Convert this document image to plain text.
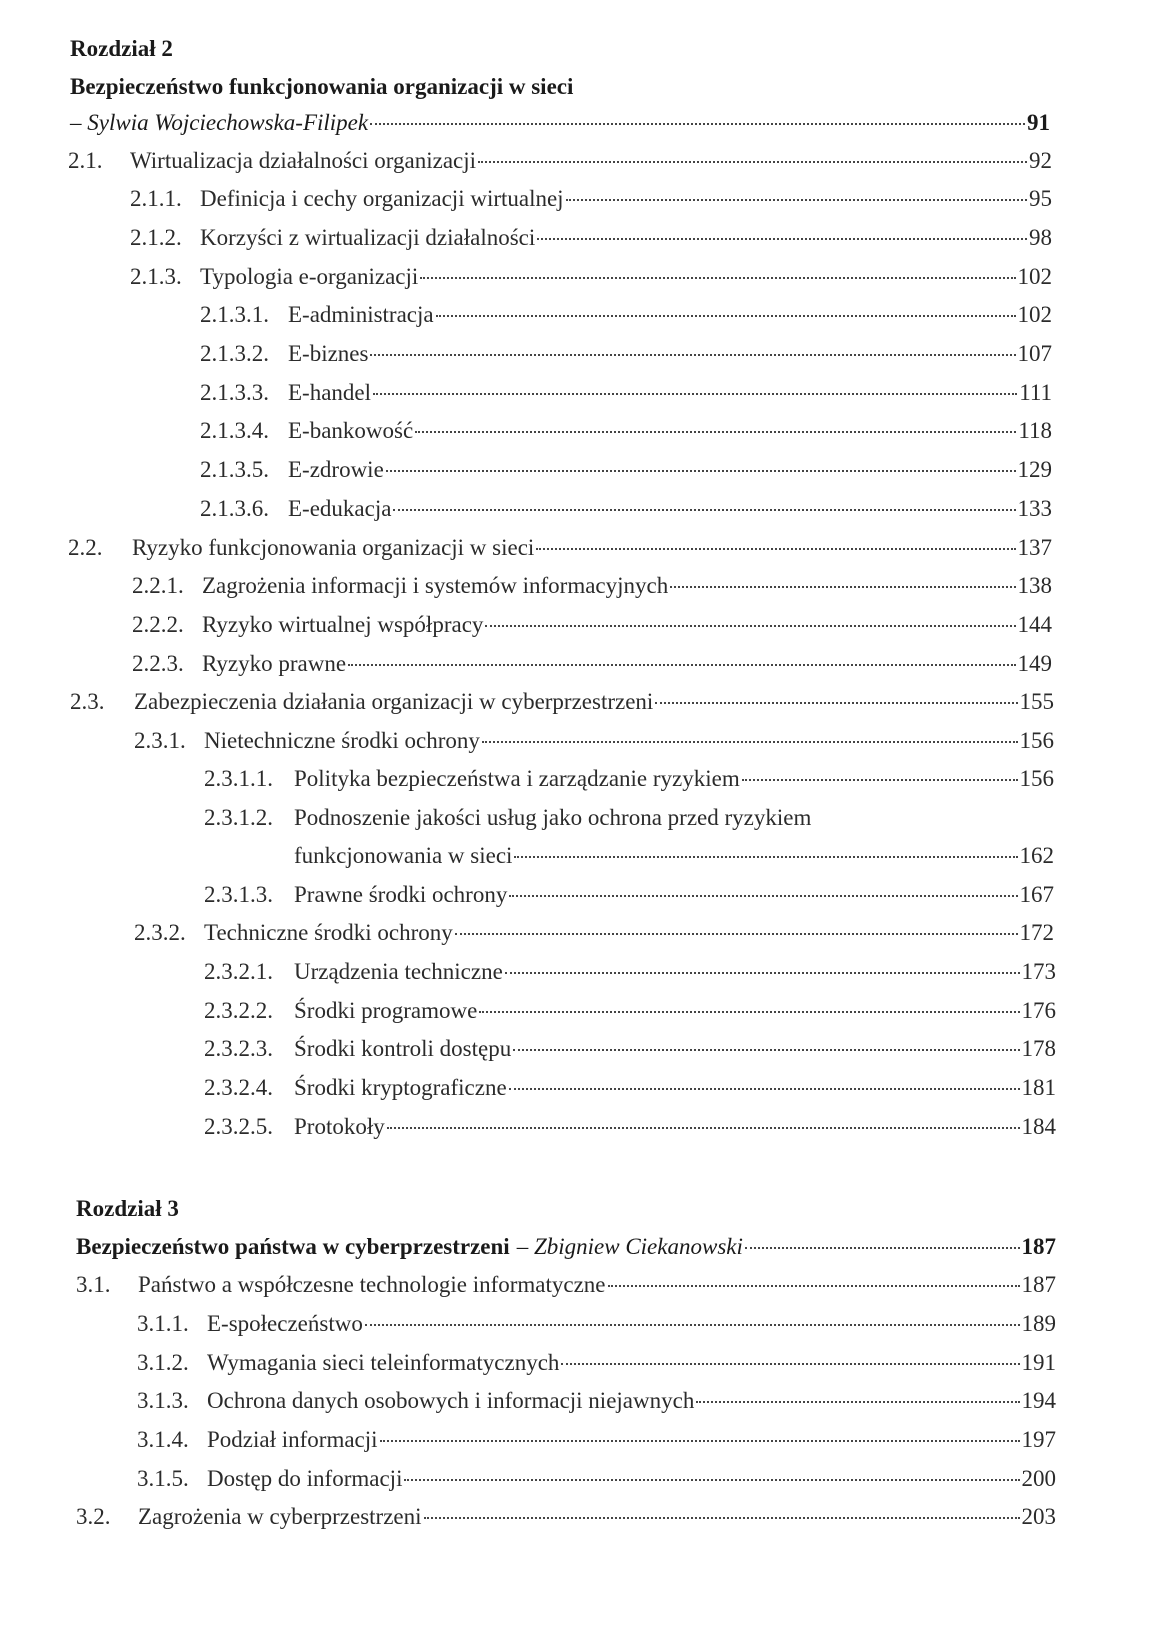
Rozdział 2
Bezpieczeństwo funkcjonowania organizacji w sieci
– Sylwia Wojciechowska-Filipek	91
2.1.	Wirtualizacja działalności organizacji	92
2.1.1. Definicja i cechy organizacji wirtualnej	95
2.1.2. Korzyści z wirtualizacji działalności	98
2.1.3. Typologia e-organizacji	102
2.1.3.1. E-administracja	102
2.1.3.2. E-biznes	107
2.1.3.3. E-handel	111
2.1.3.4. E-bankowość	118
2.1.3.5. E-zdrowie	129
2.1.3.6. E-edukacja	133
2.2.	Ryzyko funkcjonowania organizacji w sieci	137
2.2.1. Zagrożenia informacji i systemów informacyjnych	138
2.2.2. Ryzyko wirtualnej współpracy	144
2.2.3. Ryzyko prawne	149
2.3.	Zabezpieczenia działania organizacji w cyberprzestrzeni	155
2.3.1. Nietechniczne środki ochrony	156
2.3.1.1. Polityka bezpieczeństwa i zarządzanie ryzykiem	156
2.3.1.2. Podnoszenie jakości usług jako ochrona przed ryzykiem
funkcjonowania w sieci	162
2.3.1.3. Prawne środki ochrony	167
2.3.2. Techniczne środki ochrony	172
2.3.2.1. Urządzenia techniczne	173
2.3.2.2. Środki programowe	176
2.3.2.3. Środki kontroli dostępu	178
2.3.2.4. Środki kryptograficzne	181
2.3.2.5. Protokoły	184
Rozdział 3
Bezpieczeństwo państwa w cyberprzestrzeni – Zbigniew Ciekanowski	187
3.1.	Państwo a współczesne technologie informatyczne	187
3.1.1. E-społeczeństwo	189
3.1.2. Wymagania sieci teleinformatycznych	191
3.1.3. Ochrona danych osobowych i informacji niejawnych	194
3.1.4. Podział informacji	197
3.1.5. Dostęp do informacji	200
3.2.	Zagrożenia w cyberprzestrzeni	203
